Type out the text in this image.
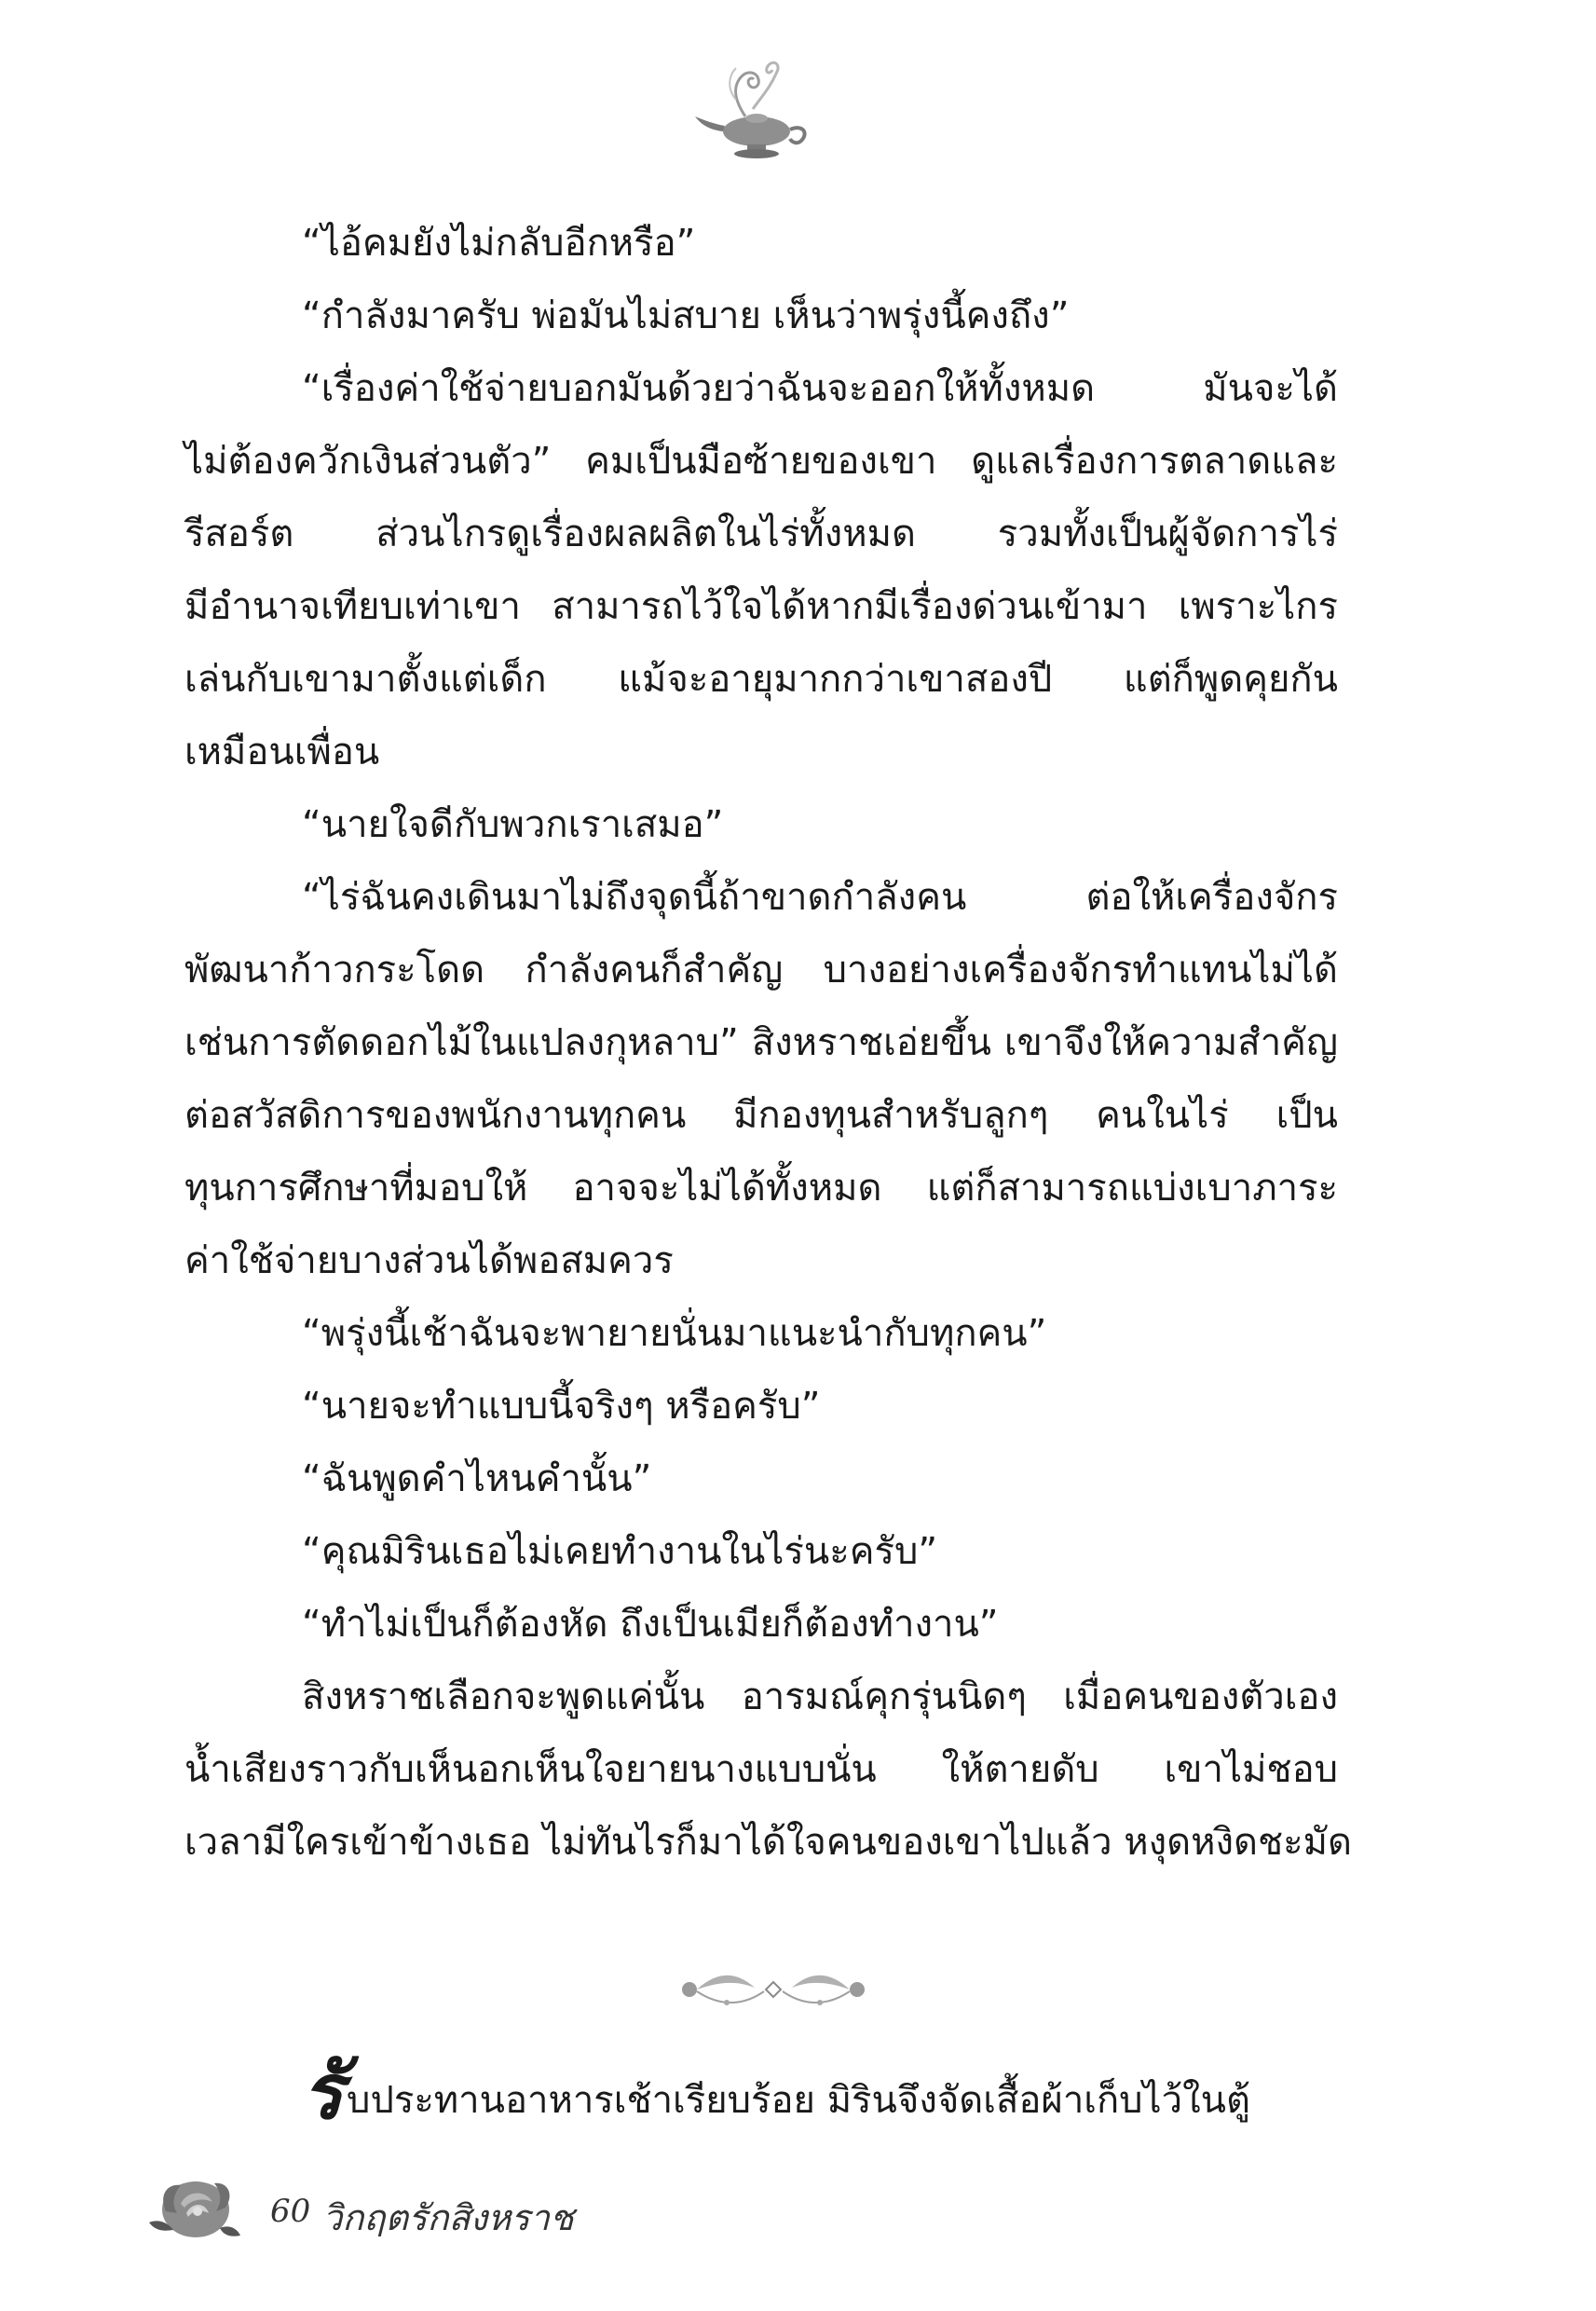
“ไอ้คมยังไม่กลับอีกหรือ”
“กำลังมาครับ พ่อมันไม่สบาย เห็นว่าพรุ่งนี้คงถึง”
“เรื่องค่าใช้จ่ายบอกมันด้วยว่าฉันจะออกให้ทั้งหมด มันจะได้
ไม่ต้องควักเงินส่วนตัว” คมเป็นมือซ้ายของเขา ดูแลเรื่องการตลาดและ
รีสอร์ต ส่วนไกรดูเรื่องผลผลิตในไร่ทั้งหมด รวมทั้งเป็นผู้จัดการไร่
มีอำนาจเทียบเท่าเขา สามารถไว้ใจได้หากมีเรื่องด่วนเข้ามา เพราะไกร
เล่นกับเขามาตั้งแต่เด็ก แม้จะอายุมากกว่าเขาสองปี แต่ก็พูดคุยกัน
เหมือนเพื่อน
“นายใจดีกับพวกเราเสมอ”
“ไร่ฉันคงเดินมาไม่ถึงจุดนี้ถ้าขาดกำลังคน ต่อให้เครื่องจักร
พัฒนาก้าวกระโดด กำลังคนก็สำคัญ บางอย่างเครื่องจักรทำแทนไม่ได้
เช่นการตัดดอกไม้ในแปลงกุหลาบ” สิงหราชเอ่ยขึ้น เขาจึงให้ความสำคัญ
ต่อสวัสดิการของพนักงานทุกคน มีกองทุนสำหรับลูกๆ คนในไร่ เป็น
ทุนการศึกษาที่มอบให้ อาจจะไม่ได้ทั้งหมด แต่ก็สามารถแบ่งเบาภาระ
ค่าใช้จ่ายบางส่วนได้พอสมควร
“พรุ่งนี้เช้าฉันจะพายายนั่นมาแนะนำกับทุกคน”
“นายจะทำแบบนี้จริงๆ หรือครับ”
“ฉันพูดคำไหนคำนั้น”
“คุณมิรินเธอไม่เคยทำงานในไร่นะครับ”
“ทำไม่เป็นก็ต้องหัด ถึงเป็นเมียก็ต้องทำงาน”
สิงหราชเลือกจะพูดแค่นั้น อารมณ์คุกรุ่นนิดๆ เมื่อคนของตัวเอง
น้ำเสียงราวกับเห็นอกเห็นใจยายนางแบบนั่น ให้ตายดับ เขาไม่ชอบ
เวลามีใครเข้าข้างเธอ ไม่ทันไรก็มาได้ใจคนของเขาไปแล้ว หงุดหงิดชะมัด
รับประทานอาหารเช้าเรียบร้อย มิรินจึงจัดเสื้อผ้าเก็บไว้ในตู้
60 วิกฤตรักสิงหราช
